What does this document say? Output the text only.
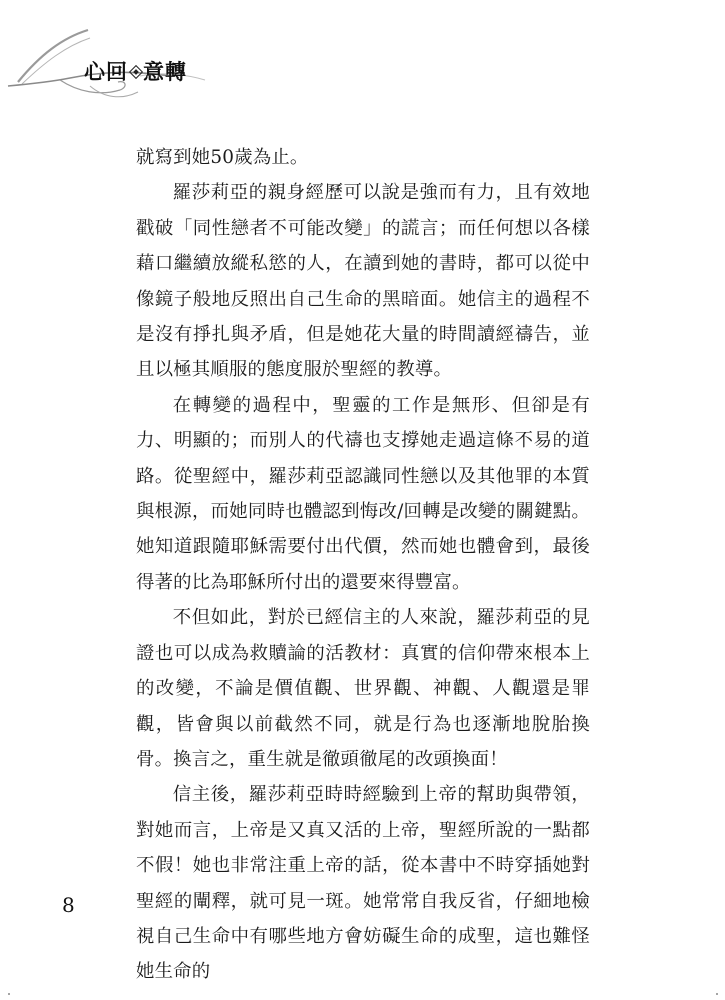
心回 意轉

就寫到她50歲為止。

羅莎莉亞的親身經歷可以說是強而有力，且有效地戳破「同性戀者不可能改變」的謊言；而任何想以各樣藉口繼續放縱私慾的人，在讀到她的書時，都可以從中像鏡子般地反照出自己生命的黑暗面。她信主的過程不是沒有掙扎與矛盾，但是她花大量的時間讀經禱告，並且以極其順服的態度服於聖經的教導。

在轉變的過程中，聖靈的工作是無形、但卻是有力、明顯的；而別人的代禱也支撐她走過這條不易的道路。從聖經中，羅莎莉亞認識同性戀以及其他罪的本質與根源，而她同時也體認到悔改/回轉是改變的關鍵點。她知道跟隨耶穌需要付出代價，然而她也體會到，最後得著的比為耶穌所付出的還要來得豐富。

不但如此，對於已經信主的人來說，羅莎莉亞的見證也可以成為救贖論的活教材：真實的信仰帶來根本上的改變，不論是價值觀、世界觀、神觀、人觀還是罪觀，皆會與以前截然不同，就是行為也逐漸地脫胎換骨。換言之，重生就是徹頭徹尾的改頭換面！

信主後，羅莎莉亞時時經驗到上帝的幫助與帶領，對她而言，上帝是又真又活的上帝，聖經所說的一點都不假！她也非常注重上帝的話，從本書中不時穿插她對聖經的闡釋，就可見一斑。她常常自我反省，仔細地檢視自己生命中有哪些地方會妨礙生命的成聖，這也難怪她生命的

8
